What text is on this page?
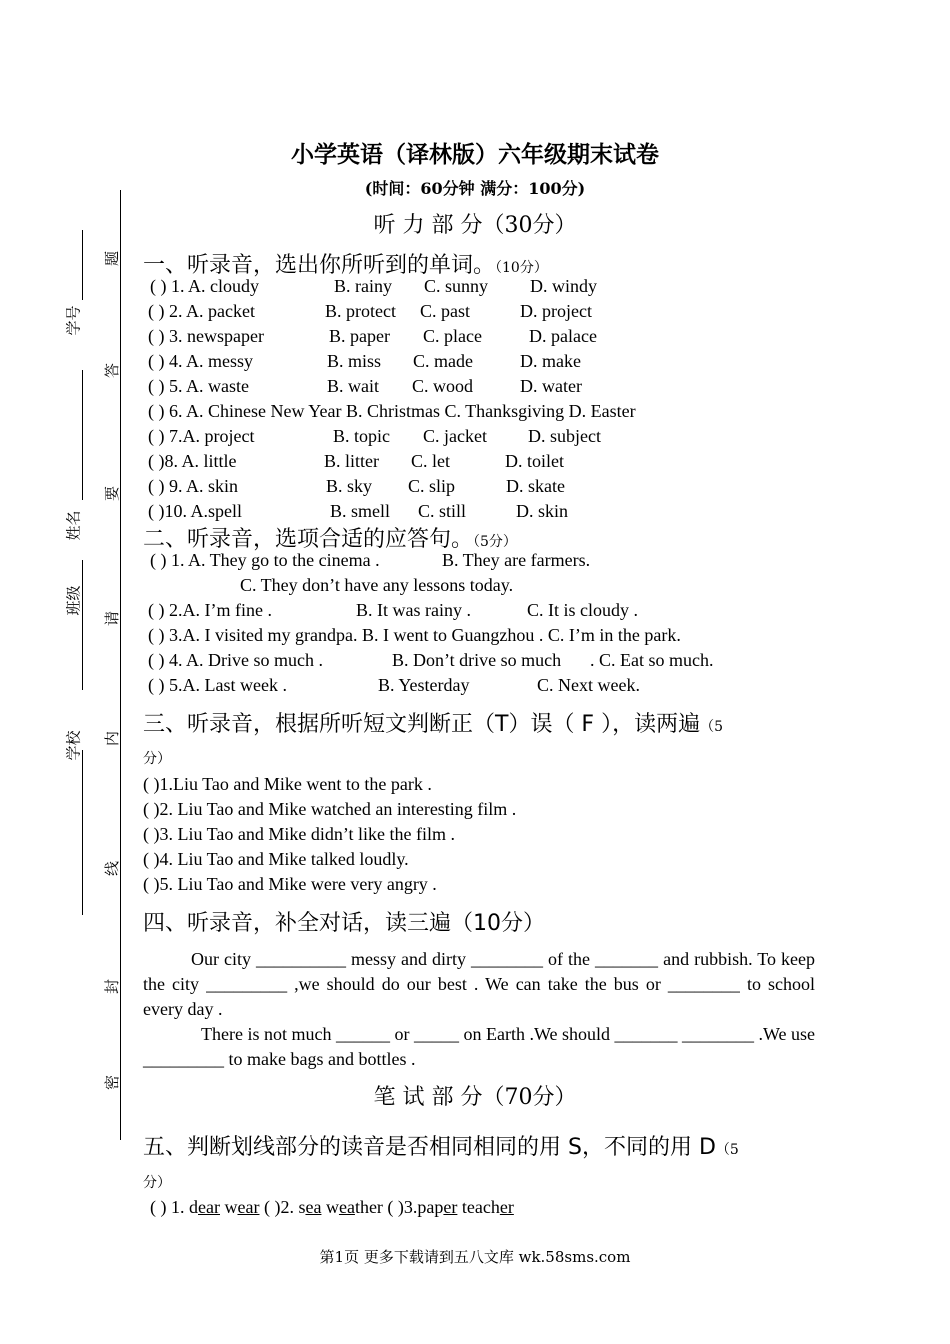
学号
姓名
班级
学校
题
答
要
请
内
线
封
密
小学英语（译林版）六年级期末试卷
(时间：60分钟 满分：100分)
听 力 部 分（30分）
一、听录音，选出你所听到的单词。（10分）
( ) 1. A. cloudy	B. rainy C. sunny D. windy
( ) 2. A. packet	B. protect C. past	D. project
( ) 3. newspaper	B. paper C. place	D. palace
( ) 4. A. messy	B. miss C. made	D. make
( ) 5. A. waste	B. wait C. wood	D. water
( ) 6. A. Chinese New Year B. Christmas C. Thanksgiving D. Easter
( ) 7.A. project	B. topic C. jacket D. subject
( )8. A. little	B. litter C. let	D. toilet
( ) 9. A. skin	B. sky C. slip	D. skate
( )10. A.spell	B. smell C. still	D. skin
二、听录音，选项合适的应答句。（5分）
( ) 1. A. They go to the cinema .	B. They are farmers.
C. They don’t have any lessons today.
( ) 2.A. I’m fine .	B. It was rainy .	C. It is cloudy .
( ) 3.A. I visited my grandpa. B. I went to Guangzhou . C. I’m in the park.
( ) 4. A. Drive so much .	B. Don’t drive so much . C. Eat so much.
( ) 5.A. Last week .	B. Yesterday	C. Next week.
三、听录音，根据所听短文判断正（T）误（ F ），读两遍（5
分）
( )1.Liu Tao and Mike went to the park .
( )2. Liu Tao and Mike watched an interesting film .
( )3. Liu Tao and Mike didn’t like the film .
( )4. Liu Tao and Mike talked loudly.
( )5. Liu Tao and Mike were very angry .
四、听录音，补全对话，读三遍（10分）
Our city __________ messy and dirty ________ of the _______ and rubbish. To keep the city _________ ,we should do our best . We can take the bus or ________ to school every day .
There is not much ______ or _____ on Earth .We should _______ ________ .We use _________ to make bags and bottles .
笔 试 部 分（70分）
五、判断划线部分的读音是否相同相同的用 S，不同的用 D（5
分）
( ) 1. dear wear ( )2. sea weather ( )3.paper teacher
第1页 更多下载请到五八文库 wk.58sms.com
